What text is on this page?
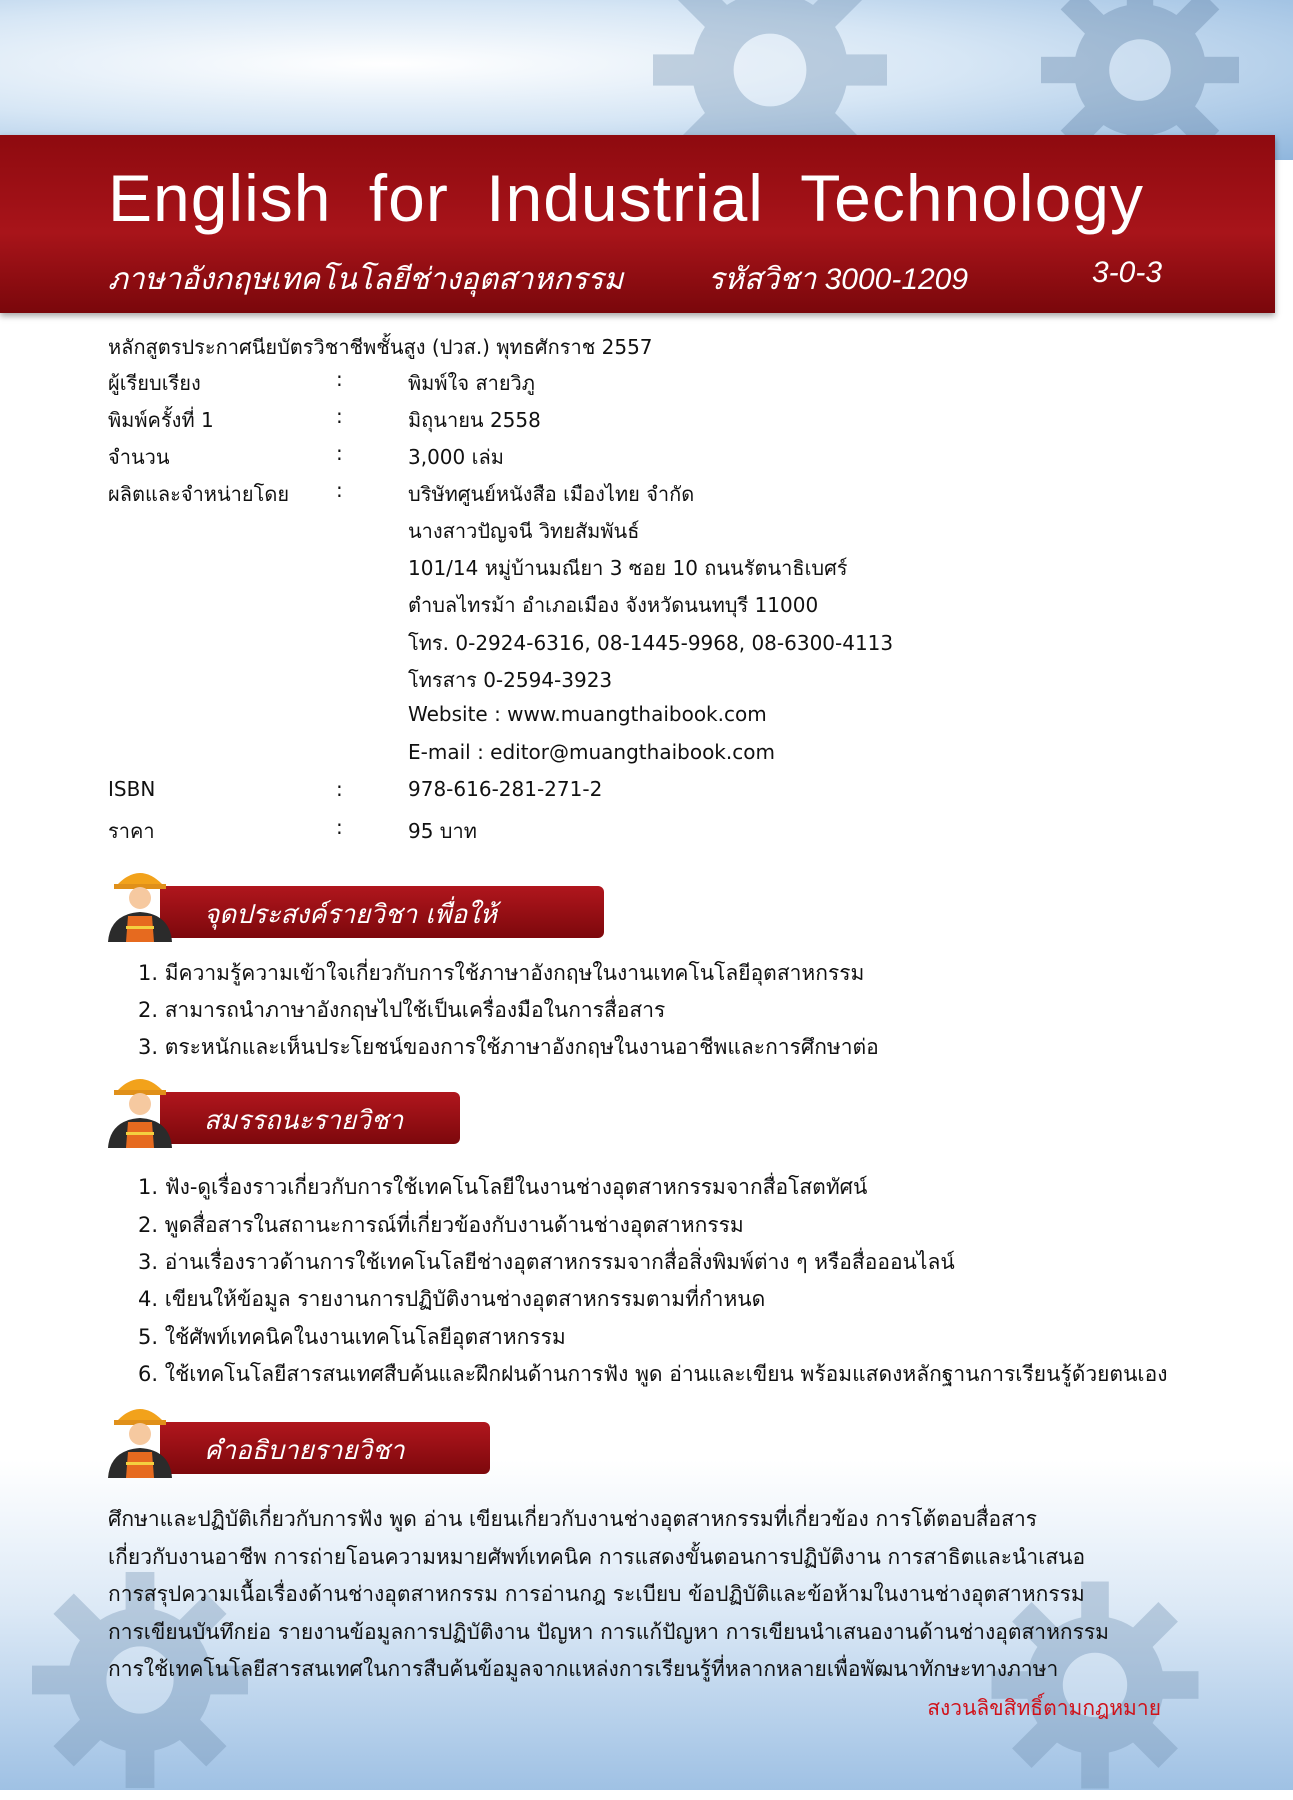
English for Industrial Technology
ภาษาอังกฤษเทคโนโลยีช่างอุตสาหกรรม	รหัสวิชา 3000-1209	3-0-3
หลักสูตรประกาศนียบัตรวิชาชีพชั้นสูง (ปวส.) พุทธศักราช 2557
ผู้เรียบเรียง	:	พิมพ์ใจ สายวิภู
พิมพ์ครั้งที่ 1	:	มิถุนายน 2558
จำนวน	:	3,000 เล่ม
ผลิตและจำหน่ายโดย :	บริษัทศูนย์หนังสือ เมืองไทย จำกัด
นางสาวปัญจนี วิทยสัมพันธ์
101/14 หมู่บ้านมณียา 3 ซอย 10 ถนนรัตนาธิเบศร์
ตำบลไทรม้า อำเภอเมือง จังหวัดนนทบุรี 11000
โทร. 0-2924-6316, 08-1445-9968, 08-6300-4113
โทรสาร 0-2594-3923
Website : www.muangthaibook.com
E-mail : editor@muangthaibook.com
ISBN	:	978-616-281-271-2
ราคา	:	95 บาท
จุดประสงค์รายวิชา เพื่อให้
1. มีความรู้ความเข้าใจเกี่ยวกับการใช้ภาษาอังกฤษในงานเทคโนโลยีอุตสาหกรรม
2. สามารถนำภาษาอังกฤษไปใช้เป็นเครื่องมือในการสื่อสาร
3. ตระหนักและเห็นประโยชน์ของการใช้ภาษาอังกฤษในงานอาชีพและการศึกษาต่อ
สมรรถนะรายวิชา
1. ฟัง-ดูเรื่องราวเกี่ยวกับการใช้เทคโนโลยีในงานช่างอุตสาหกรรมจากสื่อโสตทัศน์
2. พูดสื่อสารในสถานะการณ์ที่เกี่ยวข้องกับงานด้านช่างอุตสาหกรรม
3. อ่านเรื่องราวด้านการใช้เทคโนโลยีช่างอุตสาหกรรมจากสื่อสิ่งพิมพ์ต่าง ๆ หรือสื่อออนไลน์
4. เขียนให้ข้อมูล รายงานการปฏิบัติงานช่างอุตสาหกรรมตามที่กำหนด
5. ใช้ศัพท์เทคนิคในงานเทคโนโลยีอุตสาหกรรม
6. ใช้เทคโนโลยีสารสนเทศสืบค้นและฝึกฝนด้านการฟัง พูด อ่านและเขียน พร้อมแสดงหลักฐานการเรียนรู้ด้วยตนเอง
คำอธิบายรายวิชา
ศึกษาและปฏิบัติเกี่ยวกับการฟัง พูด อ่าน เขียนเกี่ยวกับงานช่างอุตสาหกรรมที่เกี่ยวข้อง การโต้ตอบสื่อสาร
เกี่ยวกับงานอาชีพ การถ่ายโอนความหมายศัพท์เทคนิค การแสดงขั้นตอนการปฏิบัติงาน การสาธิตและนำเสนอ
การสรุปความเนื้อเรื่องด้านช่างอุตสาหกรรม การอ่านกฎ ระเบียบ ข้อปฏิบัติและข้อห้ามในงานช่างอุตสาหกรรม
การเขียนบันทึกย่อ รายงานข้อมูลการปฏิบัติงาน ปัญหา การแก้ปัญหา การเขียนนำเสนองานด้านช่างอุตสาหกรรม
การใช้เทคโนโลยีสารสนเทศในการสืบค้นข้อมูลจากแหล่งการเรียนรู้ที่หลากหลายเพื่อพัฒนาทักษะทางภาษา
สงวนลิขสิทธิ์ตามกฎหมาย
